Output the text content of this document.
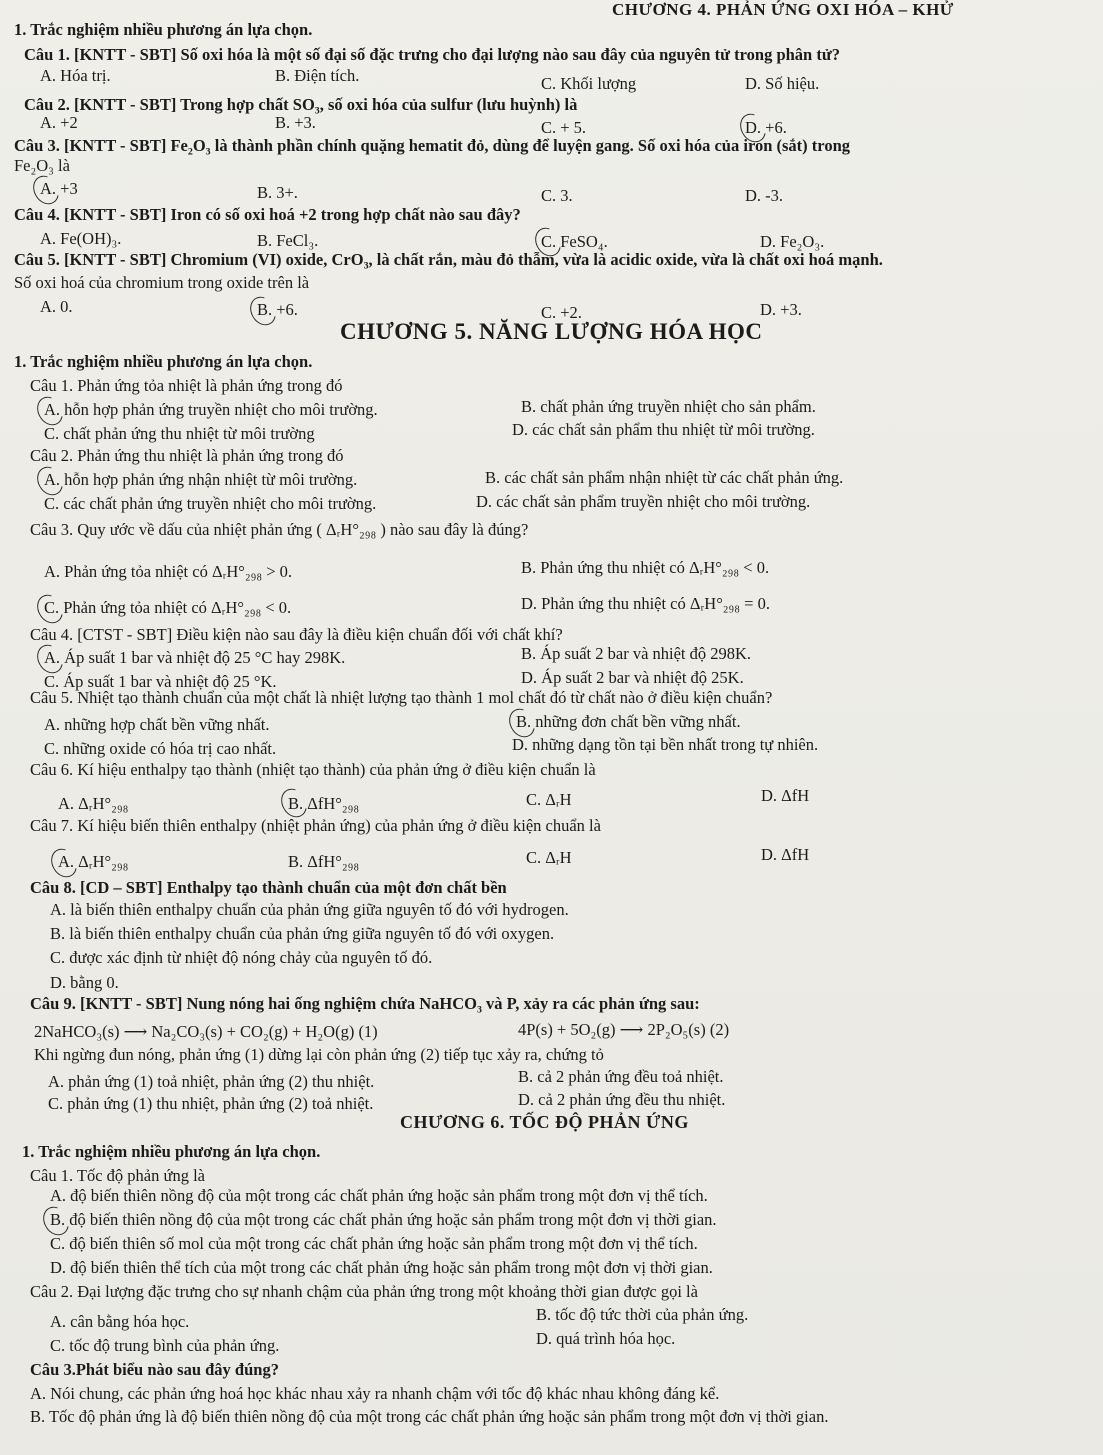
CHƯƠNG 4. PHẢN ỨNG OXI HÓA – KHỬ
1. Trắc nghiệm nhiều phương án lựa chọn.
Câu 1. [KNTT - SBT] Số oxi hóa là một số đại số đặc trưng cho đại lượng nào sau đây của nguyên tử trong phân tử?
A. Hóa trị.	B. Điện tích.	C. Khối lượng	D. Số hiệu.
Câu 2. [KNTT - SBT] Trong hợp chất SO₃, số oxi hóa của sulfur (lưu huỳnh) là
A. +2	B. +3.	C. + 5.	D. +6.
Câu 3. [KNTT - SBT] Fe₂O₃ là thành phần chính quặng hematit đỏ, dùng để luyện gang. Số oxi hóa của iron (sắt) trong
Fe₂O₃ là
A. +3	B. 3+.	C. 3.	D. -3.
Câu 4. [KNTT - SBT] Iron có số oxi hoá +2 trong hợp chất nào sau đây?
A. Fe(OH)₃.	B. FeCl₃.	C. FeSO₄.	D. Fe₂O₃.
Câu 5. [KNTT - SBT] Chromium (VI) oxide, CrO₃, là chất rắn, màu đỏ thẫm, vừa là acidic oxide, vừa là chất oxi hoá mạnh.
Số oxi hoá của chromium trong oxide trên là
A. 0.	B. +6.	C. +2.	D. +3.
CHƯƠNG 5. NĂNG LƯỢNG HÓA HỌC
1. Trắc nghiệm nhiều phương án lựa chọn.
Câu 1. Phản ứng tỏa nhiệt là phản ứng trong đó
A. hỗn hợp phản ứng truyền nhiệt cho môi trường.	B. chất phản ứng truyền nhiệt cho sản phẩm.
C. chất phản ứng thu nhiệt từ môi trường	D. các chất sản phẩm thu nhiệt từ môi trường.
Câu 2. Phản ứng thu nhiệt là phản ứng trong đó
A. hỗn hợp phản ứng nhận nhiệt từ môi trường.	B. các chất sản phẩm nhận nhiệt từ các chất phản ứng.
C. các chất phản ứng truyền nhiệt cho môi trường.	D. các chất sản phẩm truyền nhiệt cho môi trường.
Câu 3. Quy ước về dấu của nhiệt phản ứng ( ΔᵣH°₂₉₈ ) nào sau đây là đúng?
A. Phản ứng tỏa nhiệt có ΔᵣH°₂₉₈ > 0.	B. Phản ứng thu nhiệt có ΔᵣH°₂₉₈ < 0.
C. Phản ứng tỏa nhiệt có ΔᵣH°₂₉₈ < 0.	D. Phản ứng thu nhiệt có ΔᵣH°₂₉₈ = 0.
Câu 4. [CTST - SBT] Điều kiện nào sau đây là điều kiện chuẩn đối với chất khí?
A. Áp suất 1 bar và nhiệt độ 25 °C hay 298K.	B. Áp suất 2 bar và nhiệt độ 298K.
C. Áp suất 1 bar và nhiệt độ 25 °K.	D. Áp suất 2 bar và nhiệt độ 25K.
Câu 5. Nhiệt tạo thành chuẩn của một chất là nhiệt lượng tạo thành 1 mol chất đó từ chất nào ở điều kiện chuẩn?
A. những hợp chất bền vững nhất.	B. những đơn chất bền vững nhất.
C. những oxide có hóa trị cao nhất.	D. những dạng tồn tại bền nhất trong tự nhiên.
Câu 6. Kí hiệu enthalpy tạo thành (nhiệt tạo thành) của phản ứng ở điều kiện chuẩn là
A. ΔᵣH°₂₉₈	B. ΔfH°₂₉₈	C. ΔᵣH	D. ΔfH
Câu 7. Kí hiệu biến thiên enthalpy (nhiệt phản ứng) của phản ứng ở điều kiện chuẩn là
A. ΔᵣH°₂₉₈	B. ΔfH°₂₉₈	C. ΔᵣH	D. ΔfH
Câu 8. [CD – SBT] Enthalpy tạo thành chuẩn của một đơn chất bền
A. là biến thiên enthalpy chuẩn của phản ứng giữa nguyên tố đó với hydrogen.
B. là biến thiên enthalpy chuẩn của phản ứng giữa nguyên tố đó với oxygen.
C. được xác định từ nhiệt độ nóng chảy của nguyên tố đó.
D. bằng 0.
Câu 9. [KNTT - SBT] Nung nóng hai ống nghiệm chứa NaHCO₃ và P, xảy ra các phản ứng sau:
2NaHCO₃(s) ⟶ Na₂CO₃(s) + CO₂(g) + H₂O(g) (1)	4P(s) + 5O₂(g) ⟶ 2P₂O₅(s) (2)
Khi ngừng đun nóng, phản ứng (1) dừng lại còn phản ứng (2) tiếp tục xảy ra, chứng tỏ
A. phản ứng (1) toả nhiệt, phản ứng (2) thu nhiệt.	B. cả 2 phản ứng đều toả nhiệt.
C. phản ứng (1) thu nhiệt, phản ứng (2) toả nhiệt.	D. cả 2 phản ứng đều thu nhiệt.
CHƯƠNG 6. TỐC ĐỘ PHẢN ỨNG
1. Trắc nghiệm nhiều phương án lựa chọn.
Câu 1. Tốc độ phản ứng là
A. độ biến thiên nồng độ của một trong các chất phản ứng hoặc sản phẩm trong một đơn vị thể tích.
B. độ biến thiên nồng độ của một trong các chất phản ứng hoặc sản phẩm trong một đơn vị thời gian.
C. độ biến thiên số mol của một trong các chất phản ứng hoặc sản phẩm trong một đơn vị thể tích.
D. độ biến thiên thể tích của một trong các chất phản ứng hoặc sản phẩm trong một đơn vị thời gian.
Câu 2. Đại lượng đặc trưng cho sự nhanh chậm của phản ứng trong một khoảng thời gian được gọi là
A. cân bằng hóa học.	B. tốc độ tức thời của phản ứng.
C. tốc độ trung bình của phản ứng.	D. quá trình hóa học.
Câu 3.Phát biểu nào sau đây đúng?
A. Nói chung, các phản ứng hoá học khác nhau xảy ra nhanh chậm với tốc độ khác nhau không đáng kể.
B. Tốc độ phản ứng là độ biến thiên nồng độ của một trong các chất phản ứng hoặc sản phẩm trong một đơn vị thời gian.
